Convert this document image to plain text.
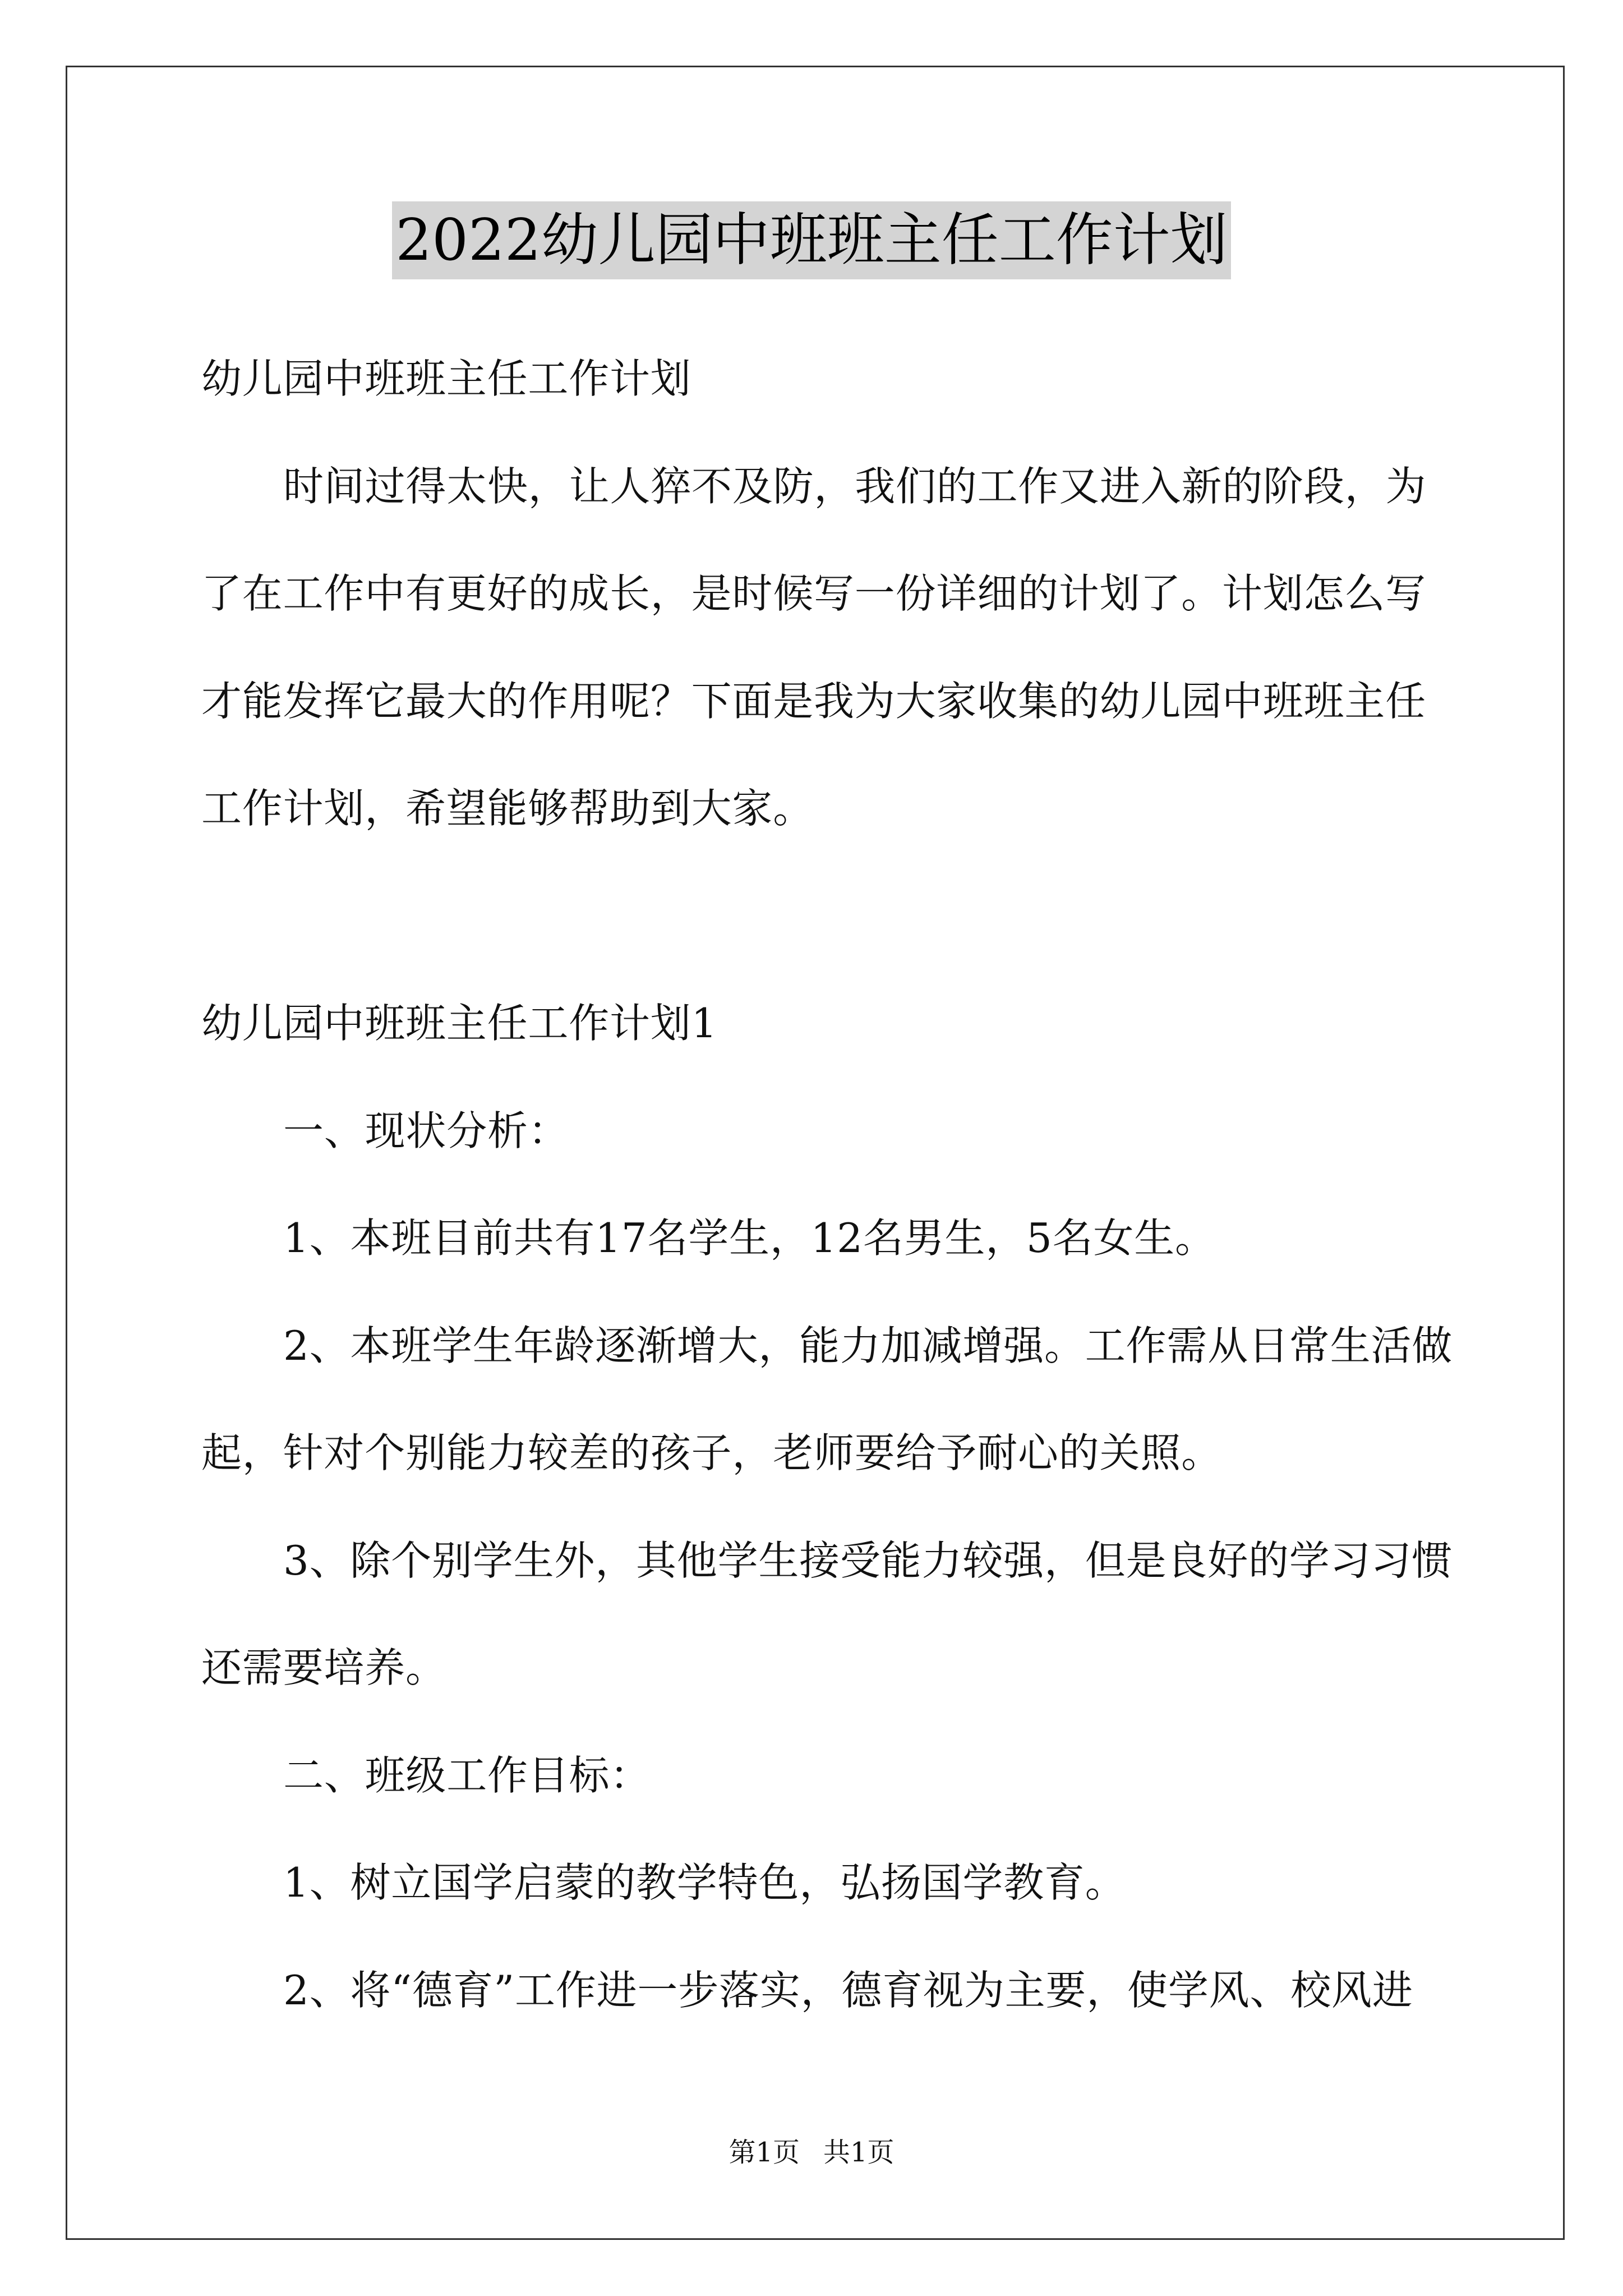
2022幼儿园中班班主任工作计划
幼儿园中班班主任工作计划
时间过得太快，让人猝不及防，我们的工作又进入新的阶段，为
了在工作中有更好的成长，是时候写一份详细的计划了。计划怎么写
才能发挥它最大的作用呢？下面是我为大家收集的幼儿园中班班主任
工作计划，希望能够帮助到大家。
幼儿园中班班主任工作计划1
一、现状分析：
1、本班目前共有17名学生，12名男生，5名女生。
2、本班学生年龄逐渐增大，能力加减增强。工作需从日常生活做
起，针对个别能力较差的孩子，老师要给予耐心的关照。
3、除个别学生外，其他学生接受能力较强，但是良好的学习习惯
还需要培养。
二、班级工作目标：
1、树立国学启蒙的教学特色，弘扬国学教育。
2、将“德育”工作进一步落实，德育视为主要，使学风、校风进
第1页 共1页
